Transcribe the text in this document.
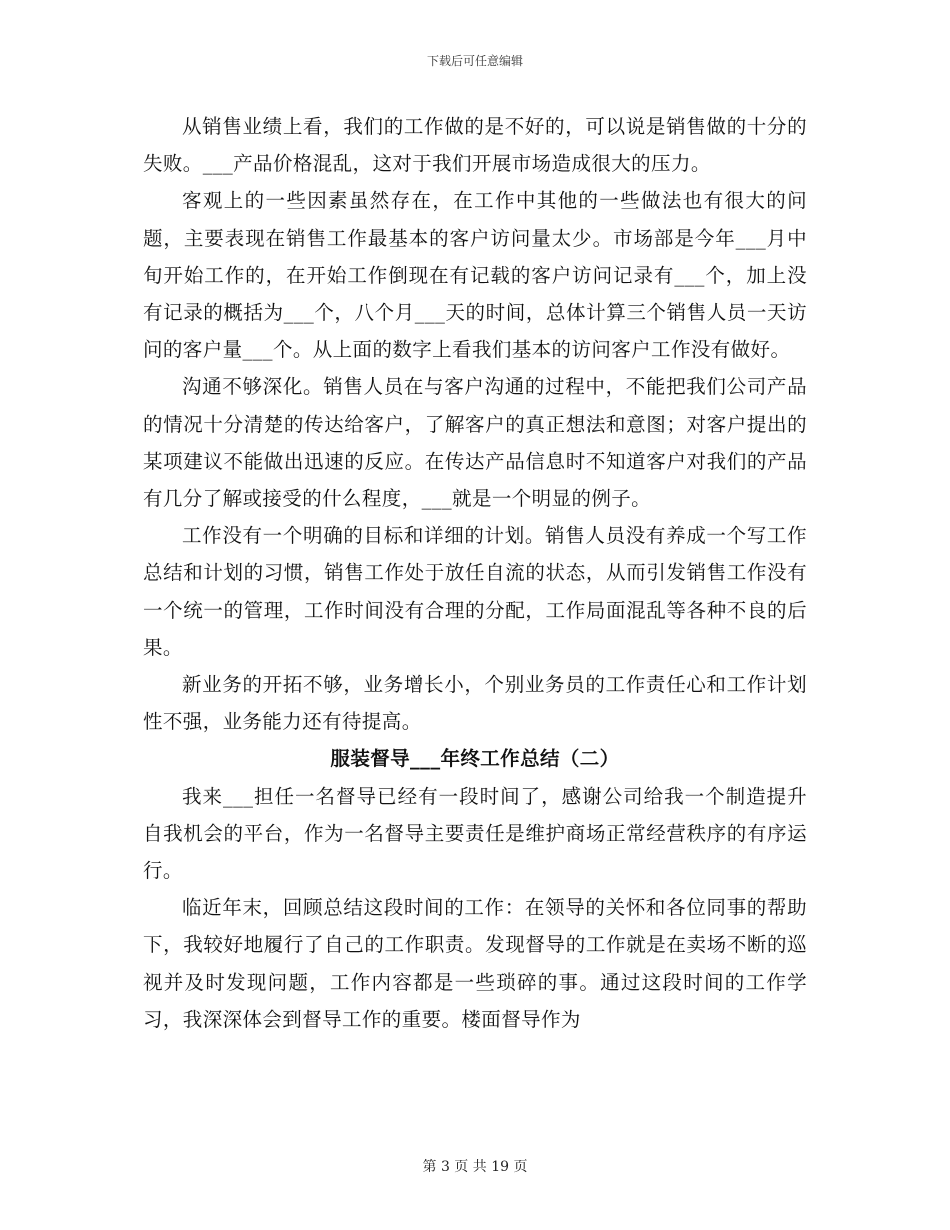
下载后可任意编辑

从销售业绩上看，我们的工作做的是不好的，可以说是销售做的十分的失败。___产品价格混乱，这对于我们开展市场造成很大的压力。

客观上的一些因素虽然存在，在工作中其他的一些做法也有很大的问题，主要表现在销售工作最基本的客户访问量太少。市场部是今年___月中旬开始工作的，在开始工作倒现在有记载的客户访问记录有___个，加上没有记录的概括为___个，八个月___天的时间，总体计算三个销售人员一天访问的客户量___个。从上面的数字上看我们基本的访问客户工作没有做好。

沟通不够深化。销售人员在与客户沟通的过程中，不能把我们公司产品的情况十分清楚的传达给客户，了解客户的真正想法和意图；对客户提出的某项建议不能做出迅速的反应。在传达产品信息时不知道客户对我们的产品有几分了解或接受的什么程度，___就是一个明显的例子。

工作没有一个明确的目标和详细的计划。销售人员没有养成一个写工作总结和计划的习惯，销售工作处于放任自流的状态，从而引发销售工作没有一个统一的管理，工作时间没有合理的分配，工作局面混乱等各种不良的后果。

新业务的开拓不够，业务增长小，个别业务员的工作责任心和工作计划性不强，业务能力还有待提高。

服装督导___年终工作总结（二）

我来___担任一名督导已经有一段时间了，感谢公司给我一个制造提升自我机会的平台，作为一名督导主要责任是维护商场正常经营秩序的有序运行。

临近年末，回顾总结这段时间的工作：在领导的关怀和各位同事的帮助下，我较好地履行了自己的工作职责。发现督导的工作就是在卖场不断的巡视并及时发现问题，工作内容都是一些琐碎的事。通过这段时间的工作学习，我深深体会到督导工作的重要。楼面督导作为

第 3 页 共 19 页
